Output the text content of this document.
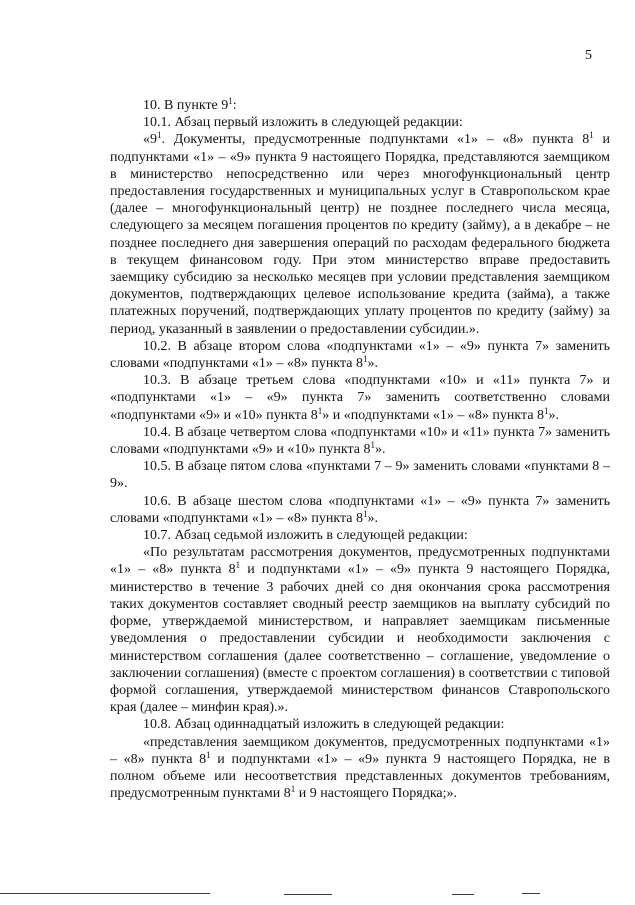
5

10. В пункте $9^1$:

10.1. Абзац первый изложить в следующей редакции:

«$9^1$. Документы, предусмотренные подпунктами «1» – «8» пункта $8^1$ и подпунктами «1» – «9» пункта 9 настоящего Порядка, представляются заемщиком в министерство непосредственно или через многофункциональный центр предоставления государственных и муниципальных услуг в Ставропольском крае (далее – многофункциональный центр) не позднее последнего числа месяца, следующего за месяцем погашения процентов по кредиту (займу), а в декабре – не позднее последнего дня завершения операций по расходам федерального бюджета в текущем финансовом году. При этом министерство вправе предоставить заемщику субсидию за несколько месяцев при условии представления заемщиком документов, подтверждающих целевое использование кредита (займа), а также платежных поручений, подтверждающих уплату процентов по кредиту (займу) за период, указанный в заявлении о предоставлении субсидии.».

10.2. В абзаце втором слова «подпунктами «1» – «9» пункта 7» заменить словами «подпунктами «1» – «8» пункта $8^1$».

10.3. В абзаце третьем слова «подпунктами «10» и «11» пункта 7» и «подпунктами «1» – «9» пункта 7» заменить соответственно словами «подпунктами «9» и «10» пункта $8^1$» и «подпунктами «1» – «8» пункта $8^1$».

10.4. В абзаце четвертом слова «подпунктами «10» и «11» пункта 7» заменить словами «подпунктами «9» и «10» пункта $8^1$».

10.5. В абзаце пятом слова «пунктами 7 – 9» заменить словами «пунктами 8 – 9».

10.6. В абзаце шестом слова «подпунктами «1» – «9» пункта 7» заменить словами «подпунктами «1» – «8» пункта $8^1$».

10.7. Абзац седьмой изложить в следующей редакции:

«По результатам рассмотрения документов, предусмотренных подпунктами «1» – «8» пункта $8^1$ и подпунктами «1» – «9» пункта 9 настоящего Порядка, министерство в течение 3 рабочих дней со дня окончания срока рассмотрения таких документов составляет сводный реестр заемщиков на выплату субсидий по форме, утверждаемой министерством, и направляет заемщикам письменные уведомления о предоставлении субсидии и необходимости заключения с министерством соглашения (далее соответственно – соглашение, уведомление о заключении соглашения) (вместе с проектом соглашения) в соответствии с типовой формой соглашения, утверждаемой министерством финансов Ставропольского края (далее – минфин края).».

10.8. Абзац одиннадцатый изложить в следующей редакции:

«представления заемщиком документов, предусмотренных подпунктами «1» – «8» пункта $8^1$ и подпунктами «1» – «9» пункта 9 настоящего Порядка, не в полном объеме или несоответствия представленных документов требованиям, предусмотренным пунктами $8^1$ и 9 настоящего Порядка;».
